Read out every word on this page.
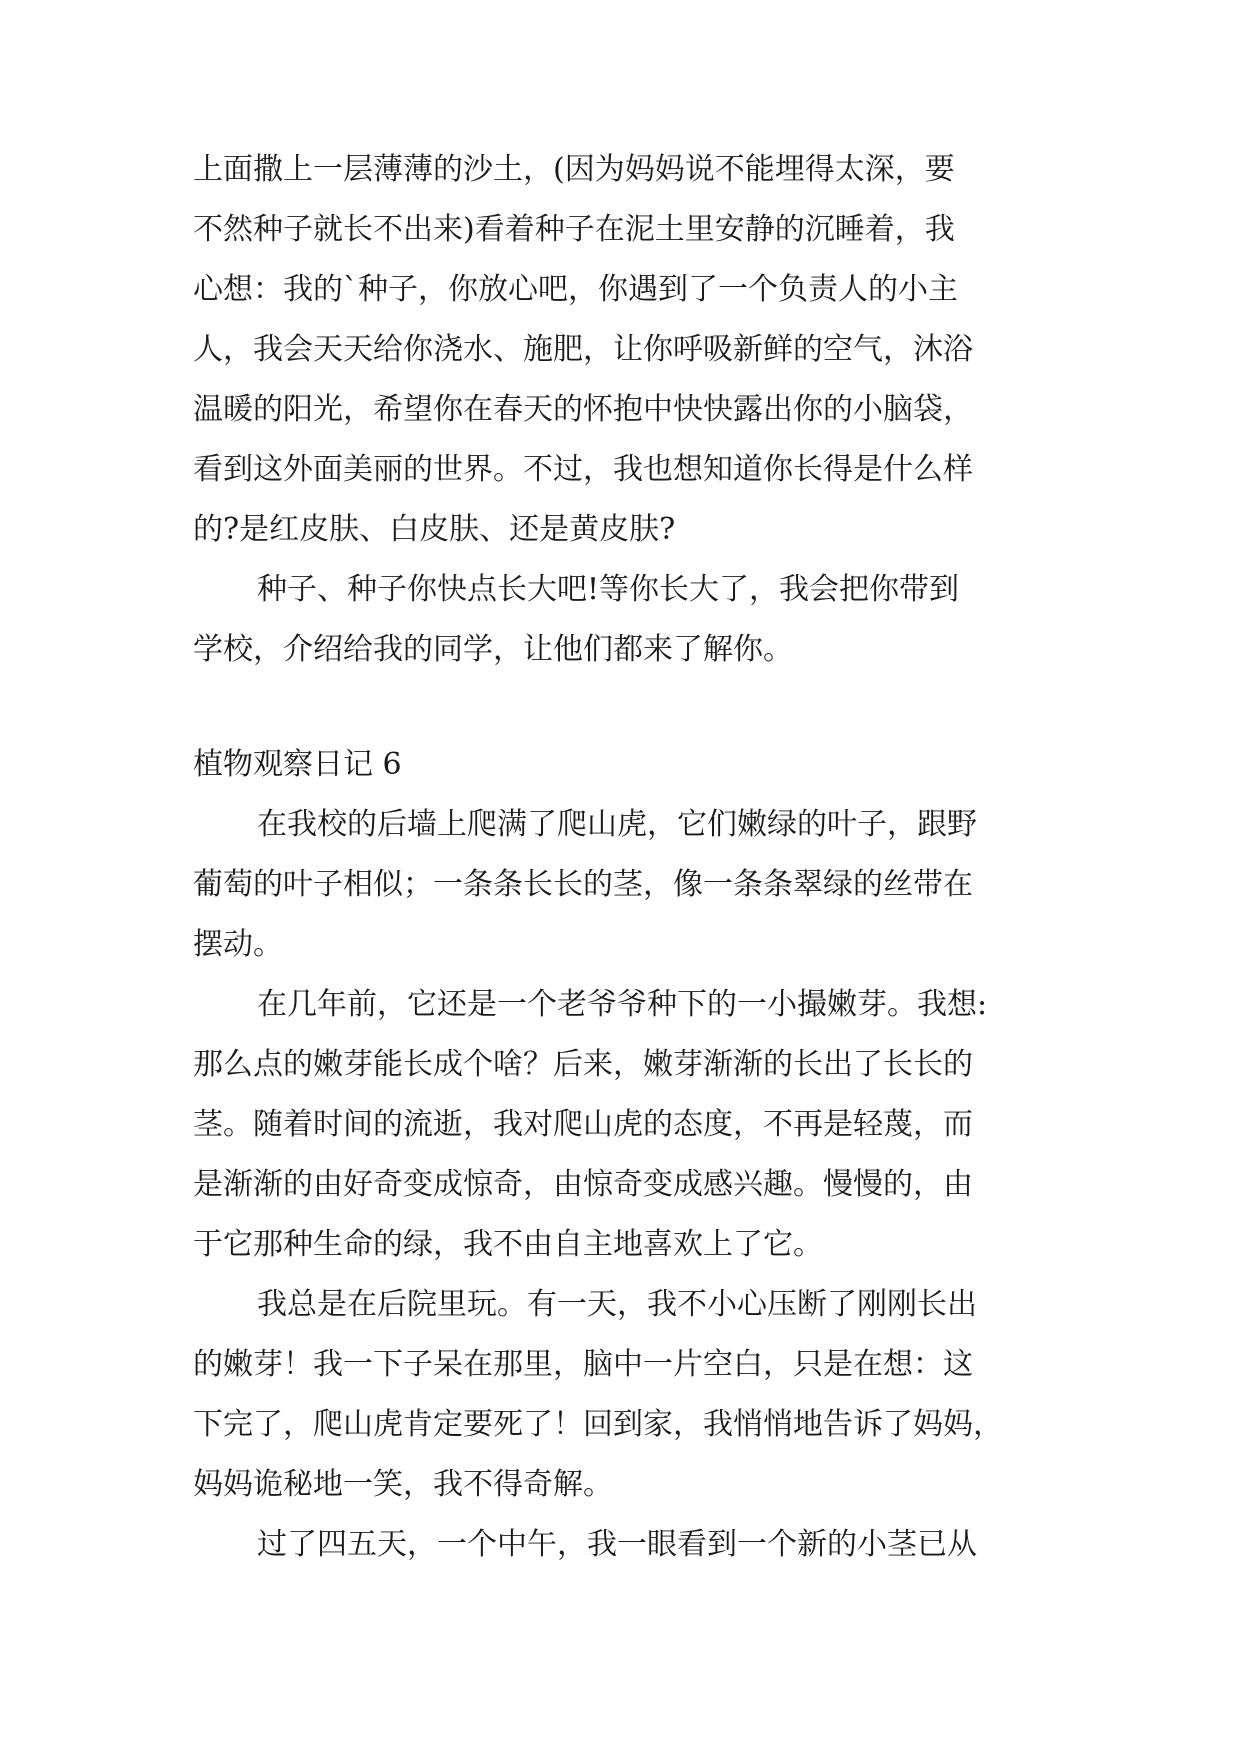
上面撒上一层薄薄的沙土，(因为妈妈说不能埋得太深，要
不然种子就长不出来)看着种子在泥土里安静的沉睡着，我
心想：我的`种子，你放心吧，你遇到了一个负责人的小主
人，我会天天给你浇水、施肥，让你呼吸新鲜的空气，沐浴
温暖的阳光，希望你在春天的怀抱中快快露出你的小脑袋，
看到这外面美丽的世界。不过，我也想知道你长得是什么样
的?是红皮肤、白皮肤、还是黄皮肤?
种子、种子你快点长大吧!等你长大了，我会把你带到
学校，介绍给我的同学，让他们都来了解你。
植物观察日记 6
在我校的后墙上爬满了爬山虎，它们嫩绿的叶子，跟野
葡萄的叶子相似；一条条长长的茎，像一条条翠绿的丝带在
摆动。
在几年前，它还是一个老爷爷种下的一小撮嫩芽。我想:
那么点的嫩芽能长成个啥？后来，嫩芽渐渐的长出了长长的
茎。随着时间的流逝，我对爬山虎的态度，不再是轻蔑，而
是渐渐的由好奇变成惊奇，由惊奇变成感兴趣。慢慢的，由
于它那种生命的绿，我不由自主地喜欢上了它。
我总是在后院里玩。有一天，我不小心压断了刚刚长出
的嫩芽！我一下子呆在那里，脑中一片空白，只是在想：这
下完了，爬山虎肯定要死了！回到家，我悄悄地告诉了妈妈，
妈妈诡秘地一笑，我不得奇解。
过了四五天，一个中午，我一眼看到一个新的小茎已从
